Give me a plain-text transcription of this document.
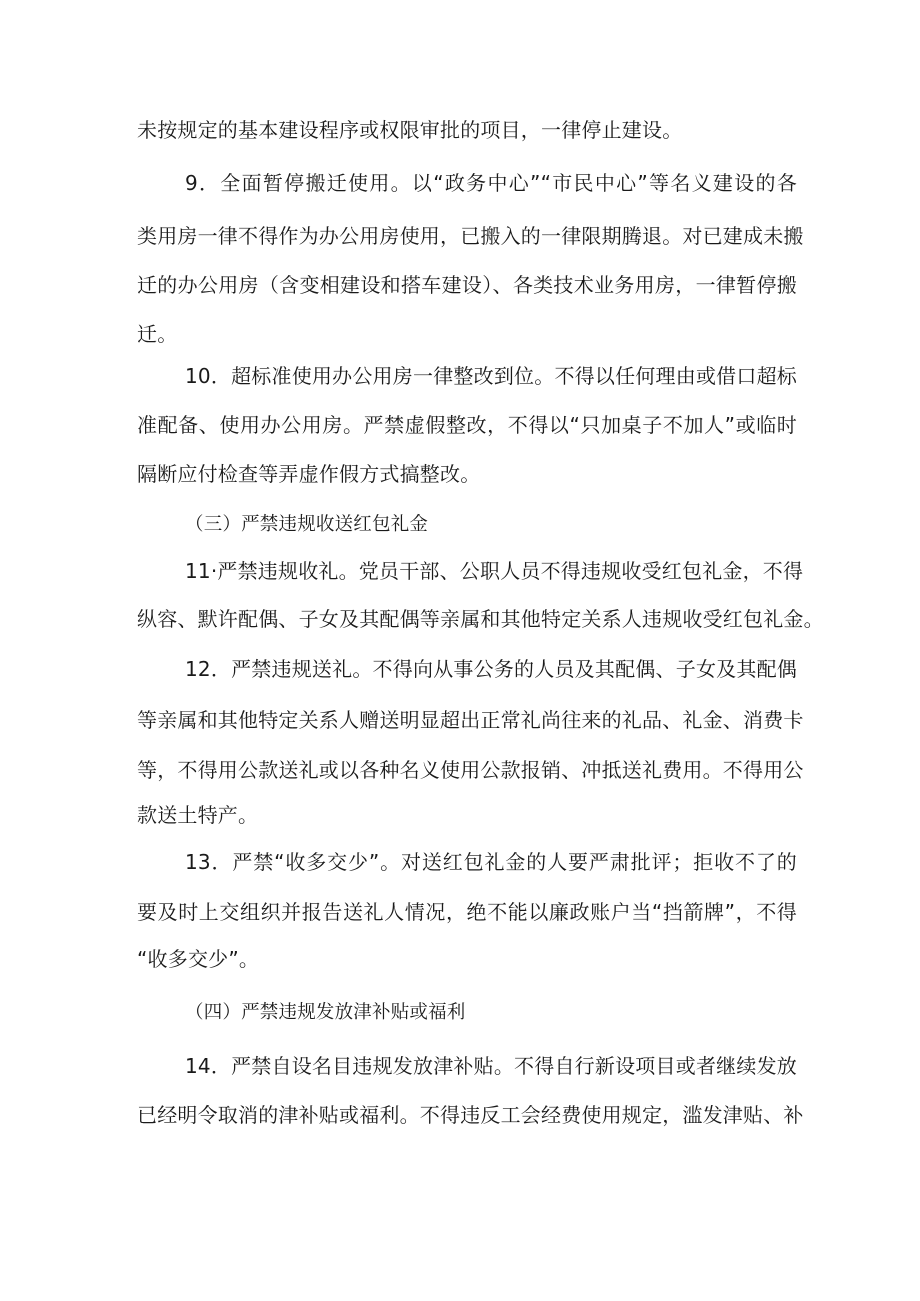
未按规定的基本建设程序或权限审批的项目，一律停止建设。
9．全面暂停搬迁使用。以“政务中心”“市民中心”等名义建设的各
类用房一律不得作为办公用房使用，已搬入的一律限期腾退。对已建成未搬
迁的办公用房（含变相建设和搭车建设）、各类技术业务用房，一律暂停搬
迁。
10．超标准使用办公用房一律整改到位。不得以任何理由或借口超标
准配备、使用办公用房。严禁虚假整改，不得以“只加桌子不加人”或临时
隔断应付检查等弄虚作假方式搞整改。
（三）严禁违规收送红包礼金
11·严禁违规收礼。党员干部、公职人员不得违规收受红包礼金，不得
纵容、默许配偶、子女及其配偶等亲属和其他特定关系人违规收受红包礼金。
12．严禁违规送礼。不得向从事公务的人员及其配偶、子女及其配偶
等亲属和其他特定关系人赠送明显超出正常礼尚往来的礼品、礼金、消费卡
等，不得用公款送礼或以各种名义使用公款报销、冲抵送礼费用。不得用公
款送土特产。
13．严禁“收多交少”。对送红包礼金的人要严肃批评；拒收不了的
要及时上交组织并报告送礼人情况，绝不能以廉政账户当“挡箭牌”，不得
“收多交少”。
（四）严禁违规发放津补贴或福利
14．严禁自设名目违规发放津补贴。不得自行新设项目或者继续发放
已经明令取消的津补贴或福利。不得违反工会经费使用规定，滥发津贴、补
